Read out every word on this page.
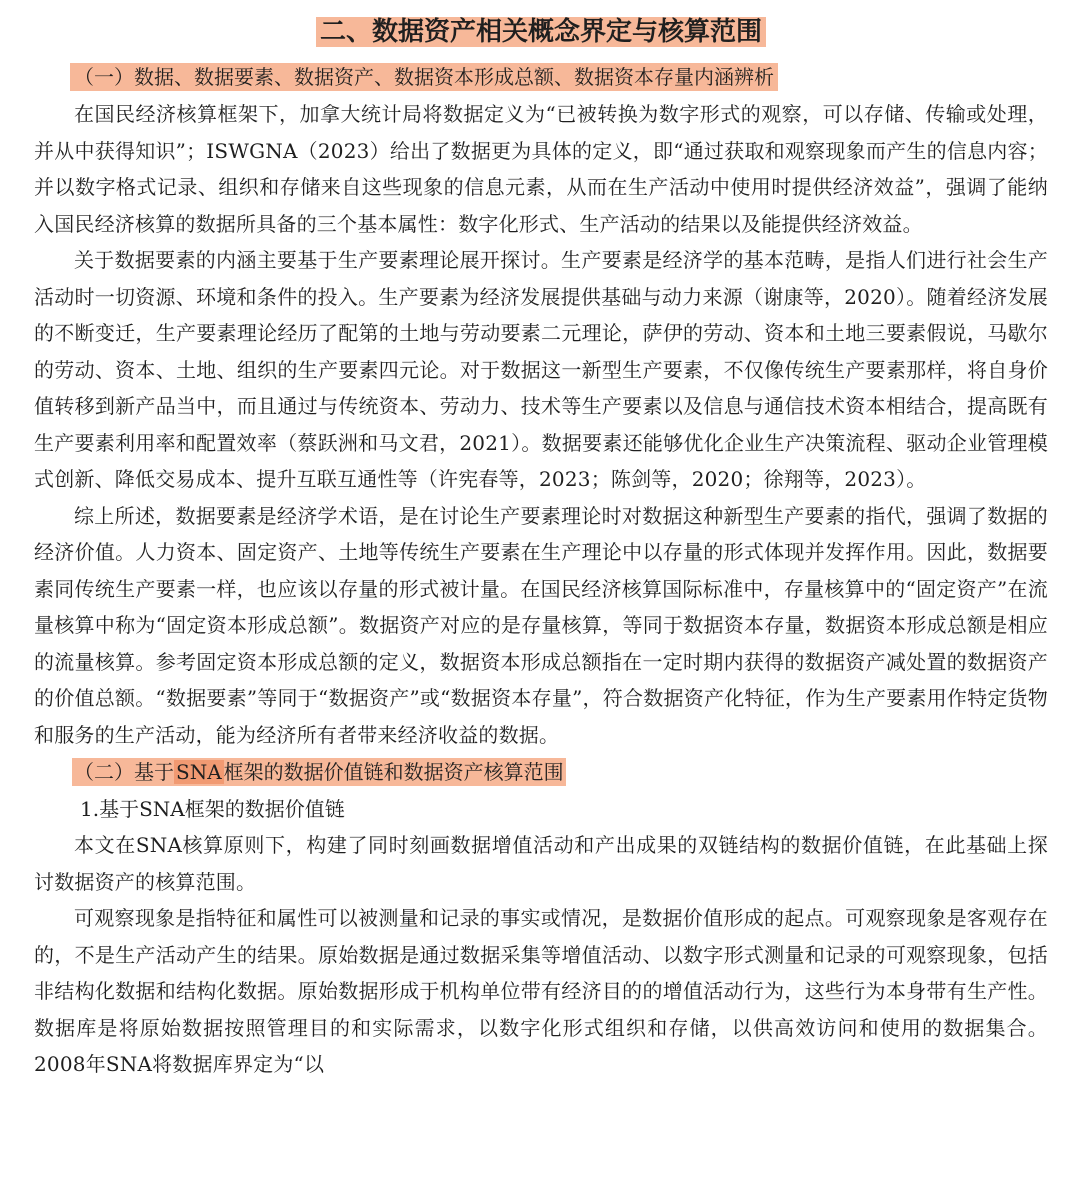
二、数据资产相关概念界定与核算范围
（一）数据、数据要素、数据资产、数据资本形成总额、数据资本存量内涵辨析

在国民经济核算框架下，加拿大统计局将数据定义为“已被转换为数字形式的观察，可以存储、传输或处理，并从中获得知识”；ISWGNA（2023）给出了数据更为具体的定义，即“通过获取和观察现象而产生的信息内容；并以数字格式记录、组织和存储来自这些现象的信息元素，从而在生产活动中使用时提供经济效益”，强调了能纳入国民经济核算的数据所具备的三个基本属性：数字化形式、生产活动的结果以及能提供经济效益。

关于数据要素的内涵主要基于生产要素理论展开探讨。生产要素是经济学的基本范畴，是指人们进行社会生产活动时一切资源、环境和条件的投入。生产要素为经济发展提供基础与动力来源（谢康等，2020）。随着经济发展的不断变迁，生产要素理论经历了配第的土地与劳动要素二元理论，萨伊的劳动、资本和土地三要素假说，马歇尔的劳动、资本、土地、组织的生产要素四元论。对于数据这一新型生产要素，不仅像传统生产要素那样，将自身价值转移到新产品当中，而且通过与传统资本、劳动力、技术等生产要素以及信息与通信技术资本相结合，提高既有生产要素利用率和配置效率（蔡跃洲和马文君，2021）。数据要素还能够优化企业生产决策流程、驱动企业管理模式创新、降低交易成本、提升互联互通性等（许宪春等，2023；陈剑等，2020；徐翔等，2023）。

综上所述，数据要素是经济学术语，是在讨论生产要素理论时对数据这种新型生产要素的指代，强调了数据的经济价值。人力资本、固定资产、土地等传统生产要素在生产理论中以存量的形式体现并发挥作用。因此，数据要素同传统生产要素一样，也应该以存量的形式被计量。在国民经济核算国际标准中，存量核算中的“固定资产”在流量核算中称为“固定资本形成总额”。数据资产对应的是存量核算，等同于数据资本存量，数据资本形成总额是相应的流量核算。参考固定资本形成总额的定义，数据资本形成总额指在一定时期内获得的数据资产减处置的数据资产的价值总额。“数据要素”等同于“数据资产”或“数据资本存量”，符合数据资产化特征，作为生产要素用作特定货物和服务的生产活动，能为经济所有者带来经济收益的数据。

（二）基于 SNA 框架的数据价值链和数据资产核算范围
1.基于SNA框架的数据价值链

本文在SNA核算原则下，构建了同时刻画数据增值活动和产出成果的双链结构的数据价值链，在此基础上探讨数据资产的核算范围。

可观察现象是指特征和属性可以被测量和记录的事实或情况，是数据价值形成的起点。可观察现象是客观存在的，不是生产活动产生的结果。原始数据是通过数据采集等增值活动、以数字形式测量和记录的可观察现象，包括非结构化数据和结构化数据。原始数据形成于机构单位带有经济目的的增值活动行为，这些行为本身带有生产性。数据库是将原始数据按照管理目的和实际需求，以数字化形式组织和存储，以供高效访问和使用的数据集合。2008年SNA将数据库界定为“以
